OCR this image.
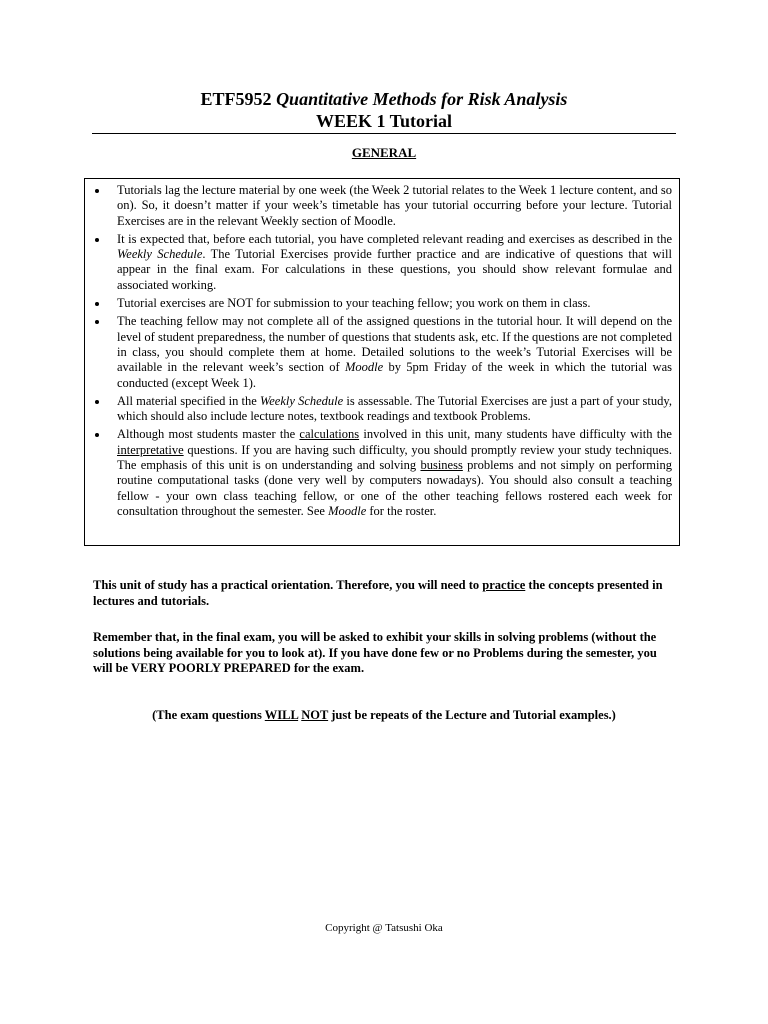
ETF5952 Quantitative Methods for Risk Analysis
WEEK 1 Tutorial
GENERAL
Tutorials lag the lecture material by one week (the Week 2 tutorial relates to the Week 1 lecture content, and so on). So, it doesn’t matter if your week’s timetable has your tutorial occurring before your lecture. Tutorial Exercises are in the relevant Weekly section of Moodle.
It is expected that, before each tutorial, you have completed relevant reading and exercises as described in the Weekly Schedule. The Tutorial Exercises provide further practice and are indicative of questions that will appear in the final exam. For calculations in these questions, you should show relevant formulae and associated working.
Tutorial exercises are NOT for submission to your teaching fellow; you work on them in class.
The teaching fellow may not complete all of the assigned questions in the tutorial hour. It will depend on the level of student preparedness, the number of questions that students ask, etc. If the questions are not completed in class, you should complete them at home. Detailed solutions to the week’s Tutorial Exercises will be available in the relevant week’s section of Moodle by 5pm Friday of the week in which the tutorial was conducted (except Week 1).
All material specified in the Weekly Schedule is assessable. The Tutorial Exercises are just a part of your study, which should also include lecture notes, textbook readings and textbook Problems.
Although most students master the calculations involved in this unit, many students have difficulty with the interpretative questions. If you are having such difficulty, you should promptly review your study techniques. The emphasis of this unit is on understanding and solving business problems and not simply on performing routine computational tasks (done very well by computers nowadays). You should also consult a teaching fellow - your own class teaching fellow, or one of the other teaching fellows rostered each week for consultation throughout the semester. See Moodle for the roster.
This unit of study has a practical orientation. Therefore, you will need to practice the concepts presented in lectures and tutorials.
Remember that, in the final exam, you will be asked to exhibit your skills in solving problems (without the solutions being available for you to look at). If you have done few or no Problems during the semester, you will be VERY POORLY PREPARED for the exam.
(The exam questions WILL NOT just be repeats of the Lecture and Tutorial examples.)
Copyright @ Tatsushi Oka
